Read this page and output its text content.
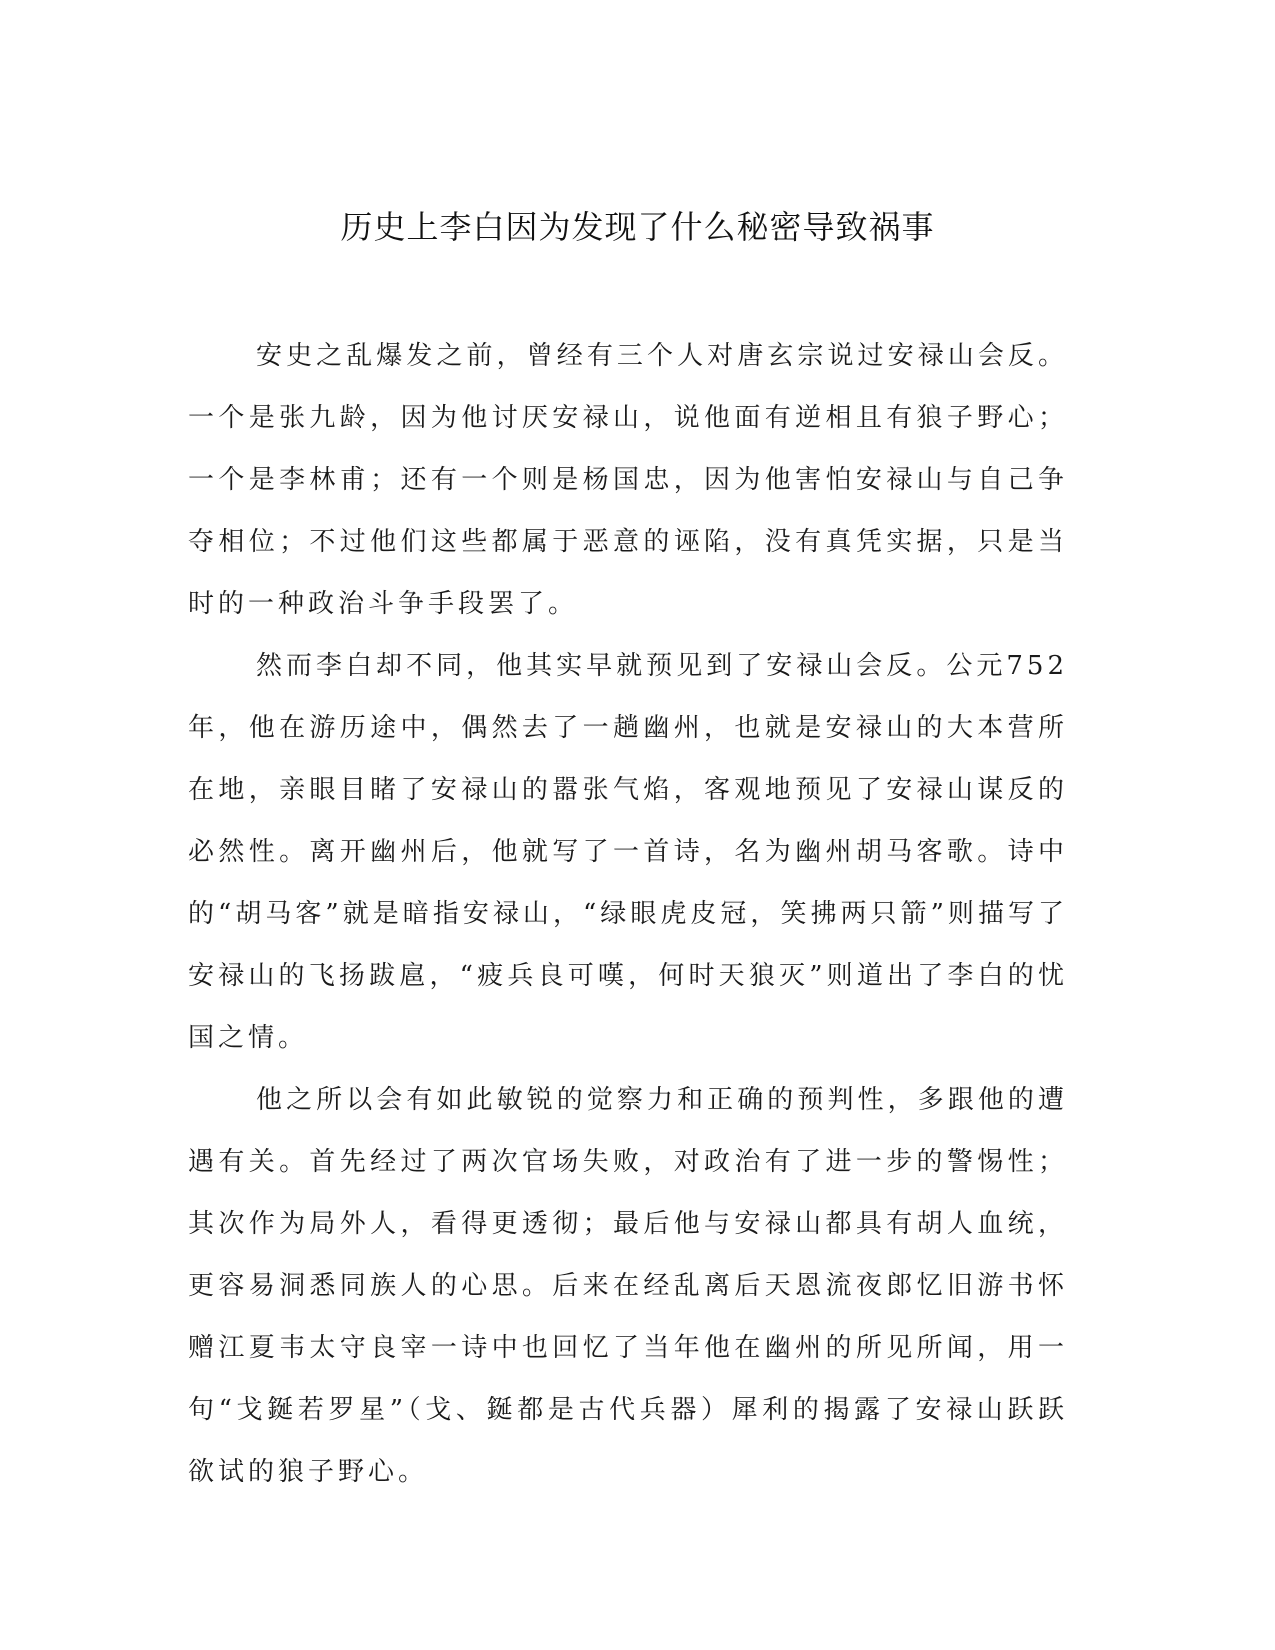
历史上李白因为发现了什么秘密导致祸事

安史之乱爆发之前，曾经有三个人对唐玄宗说过安禄山会反。一个是张九龄，因为他讨厌安禄山，说他面有逆相且有狼子野心；一个是李林甫；还有一个则是杨国忠，因为他害怕安禄山与自己争夺相位；不过他们这些都属于恶意的诬陷，没有真凭实据，只是当时的一种政治斗争手段罢了。

然而李白却不同，他其实早就预见到了安禄山会反。公元752年，他在游历途中，偶然去了一趟幽州，也就是安禄山的大本营所在地，亲眼目睹了安禄山的嚣张气焰，客观地预见了安禄山谋反的必然性。离开幽州后，他就写了一首诗，名为幽州胡马客歌。诗中的“胡马客”就是暗指安禄山，“绿眼虎皮冠，笑拂两只箭”则描写了安禄山的飞扬跋扈，“疲兵良可嘆，何时天狼灭”则道出了李白的忧国之情。

他之所以会有如此敏锐的觉察力和正确的预判性，多跟他的遭遇有关。首先经过了两次官场失败，对政治有了进一步的警惕性；其次作为局外人，看得更透彻；最后他与安禄山都具有胡人血统，更容易洞悉同族人的心思。后来在经乱离后天恩流夜郎忆旧游书怀赠江夏韦太守良宰一诗中也回忆了当年他在幽州的所见所闻，用一句“戈鋋若罗星”（戈、鋋都是古代兵器）犀利的揭露了安禄山跃跃欲试的狼子野心。
